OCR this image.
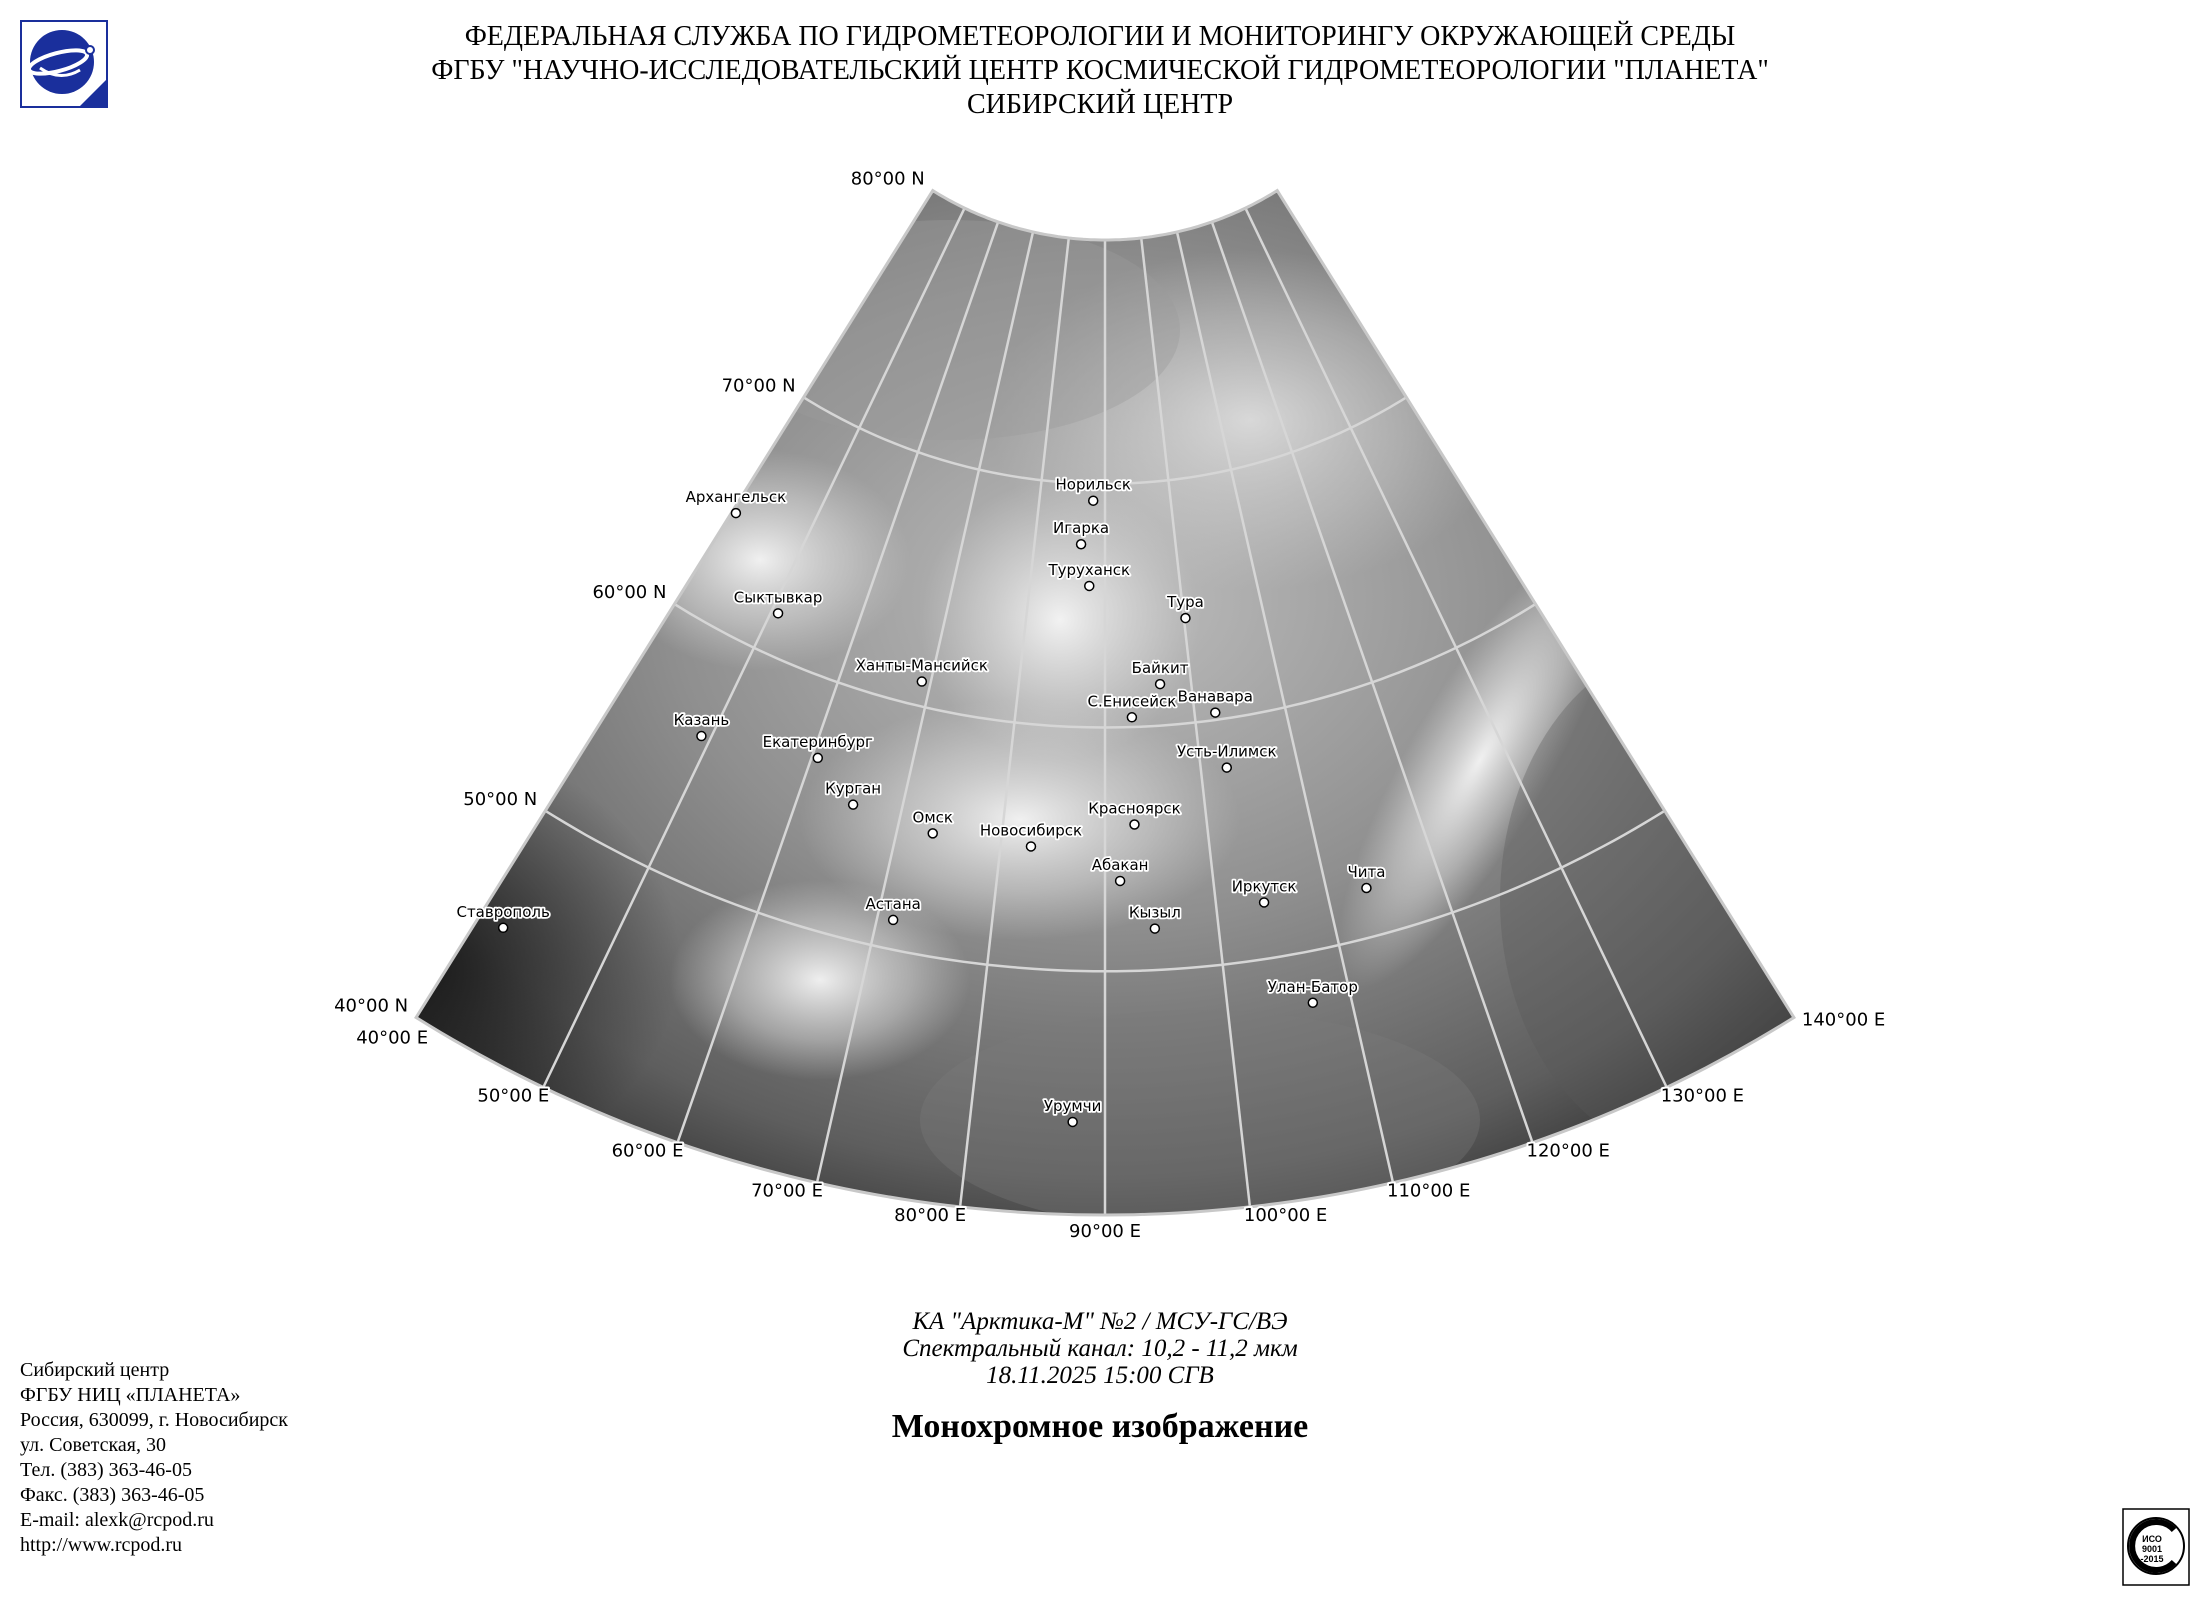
ФЕДЕРАЛЬНАЯ СЛУЖБА ПО ГИДРОМЕТЕОРОЛОГИИ И МОНИТОРИНГУ ОКРУЖАЮЩЕЙ СРЕДЫ
ФГБУ "НАУЧНО-ИССЛЕДОВАТЕЛЬСКИЙ ЦЕНТР КОСМИЧЕСКОЙ ГИДРОМЕТЕОРОЛОГИИ "ПЛАНЕТА"
СИБИРСКИЙ ЦЕНТР
Архангельск
Сыктывкар
Казань
Ставрополь
Екатеринбург
Ханты-Мансийск
Курган
Омск
Астана
Новосибирск
Норильск
Игарка
Туруханск
Тура
Байкит
С.Енисейск Ванавара
Усть-Илимск
Красноярск
Абакан
Кызыл
Иркутск
Чита
Улан-Батор
Урумчи
80°00 N
70°00 N
60°00 N
50°00 N
40°00 N
40°00 E
50°00 E
60°00 E
70°00 E
80°00 E
90°00 E
100°00 E
110°00 E
120°00 E
130°00 E
140°00 E
КА "Арктика-М" №2 / МСУ-ГС/ВЭ
Спектральный канал: 10,2 - 11,2 мкм
18.11.2025 15:00 СГВ
Монохромное изображение
Сибирский центр
ФГБУ НИЦ «ПЛАНЕТА»
Россия, 630099, г. Новосибирск
ул. Советская, 30
Тел. (383) 363-46-05
Факс. (383) 363-46-05
E-mail: alexk@rcpod.ru
http://www.rcpod.ru	ИСО
9001
-2015
